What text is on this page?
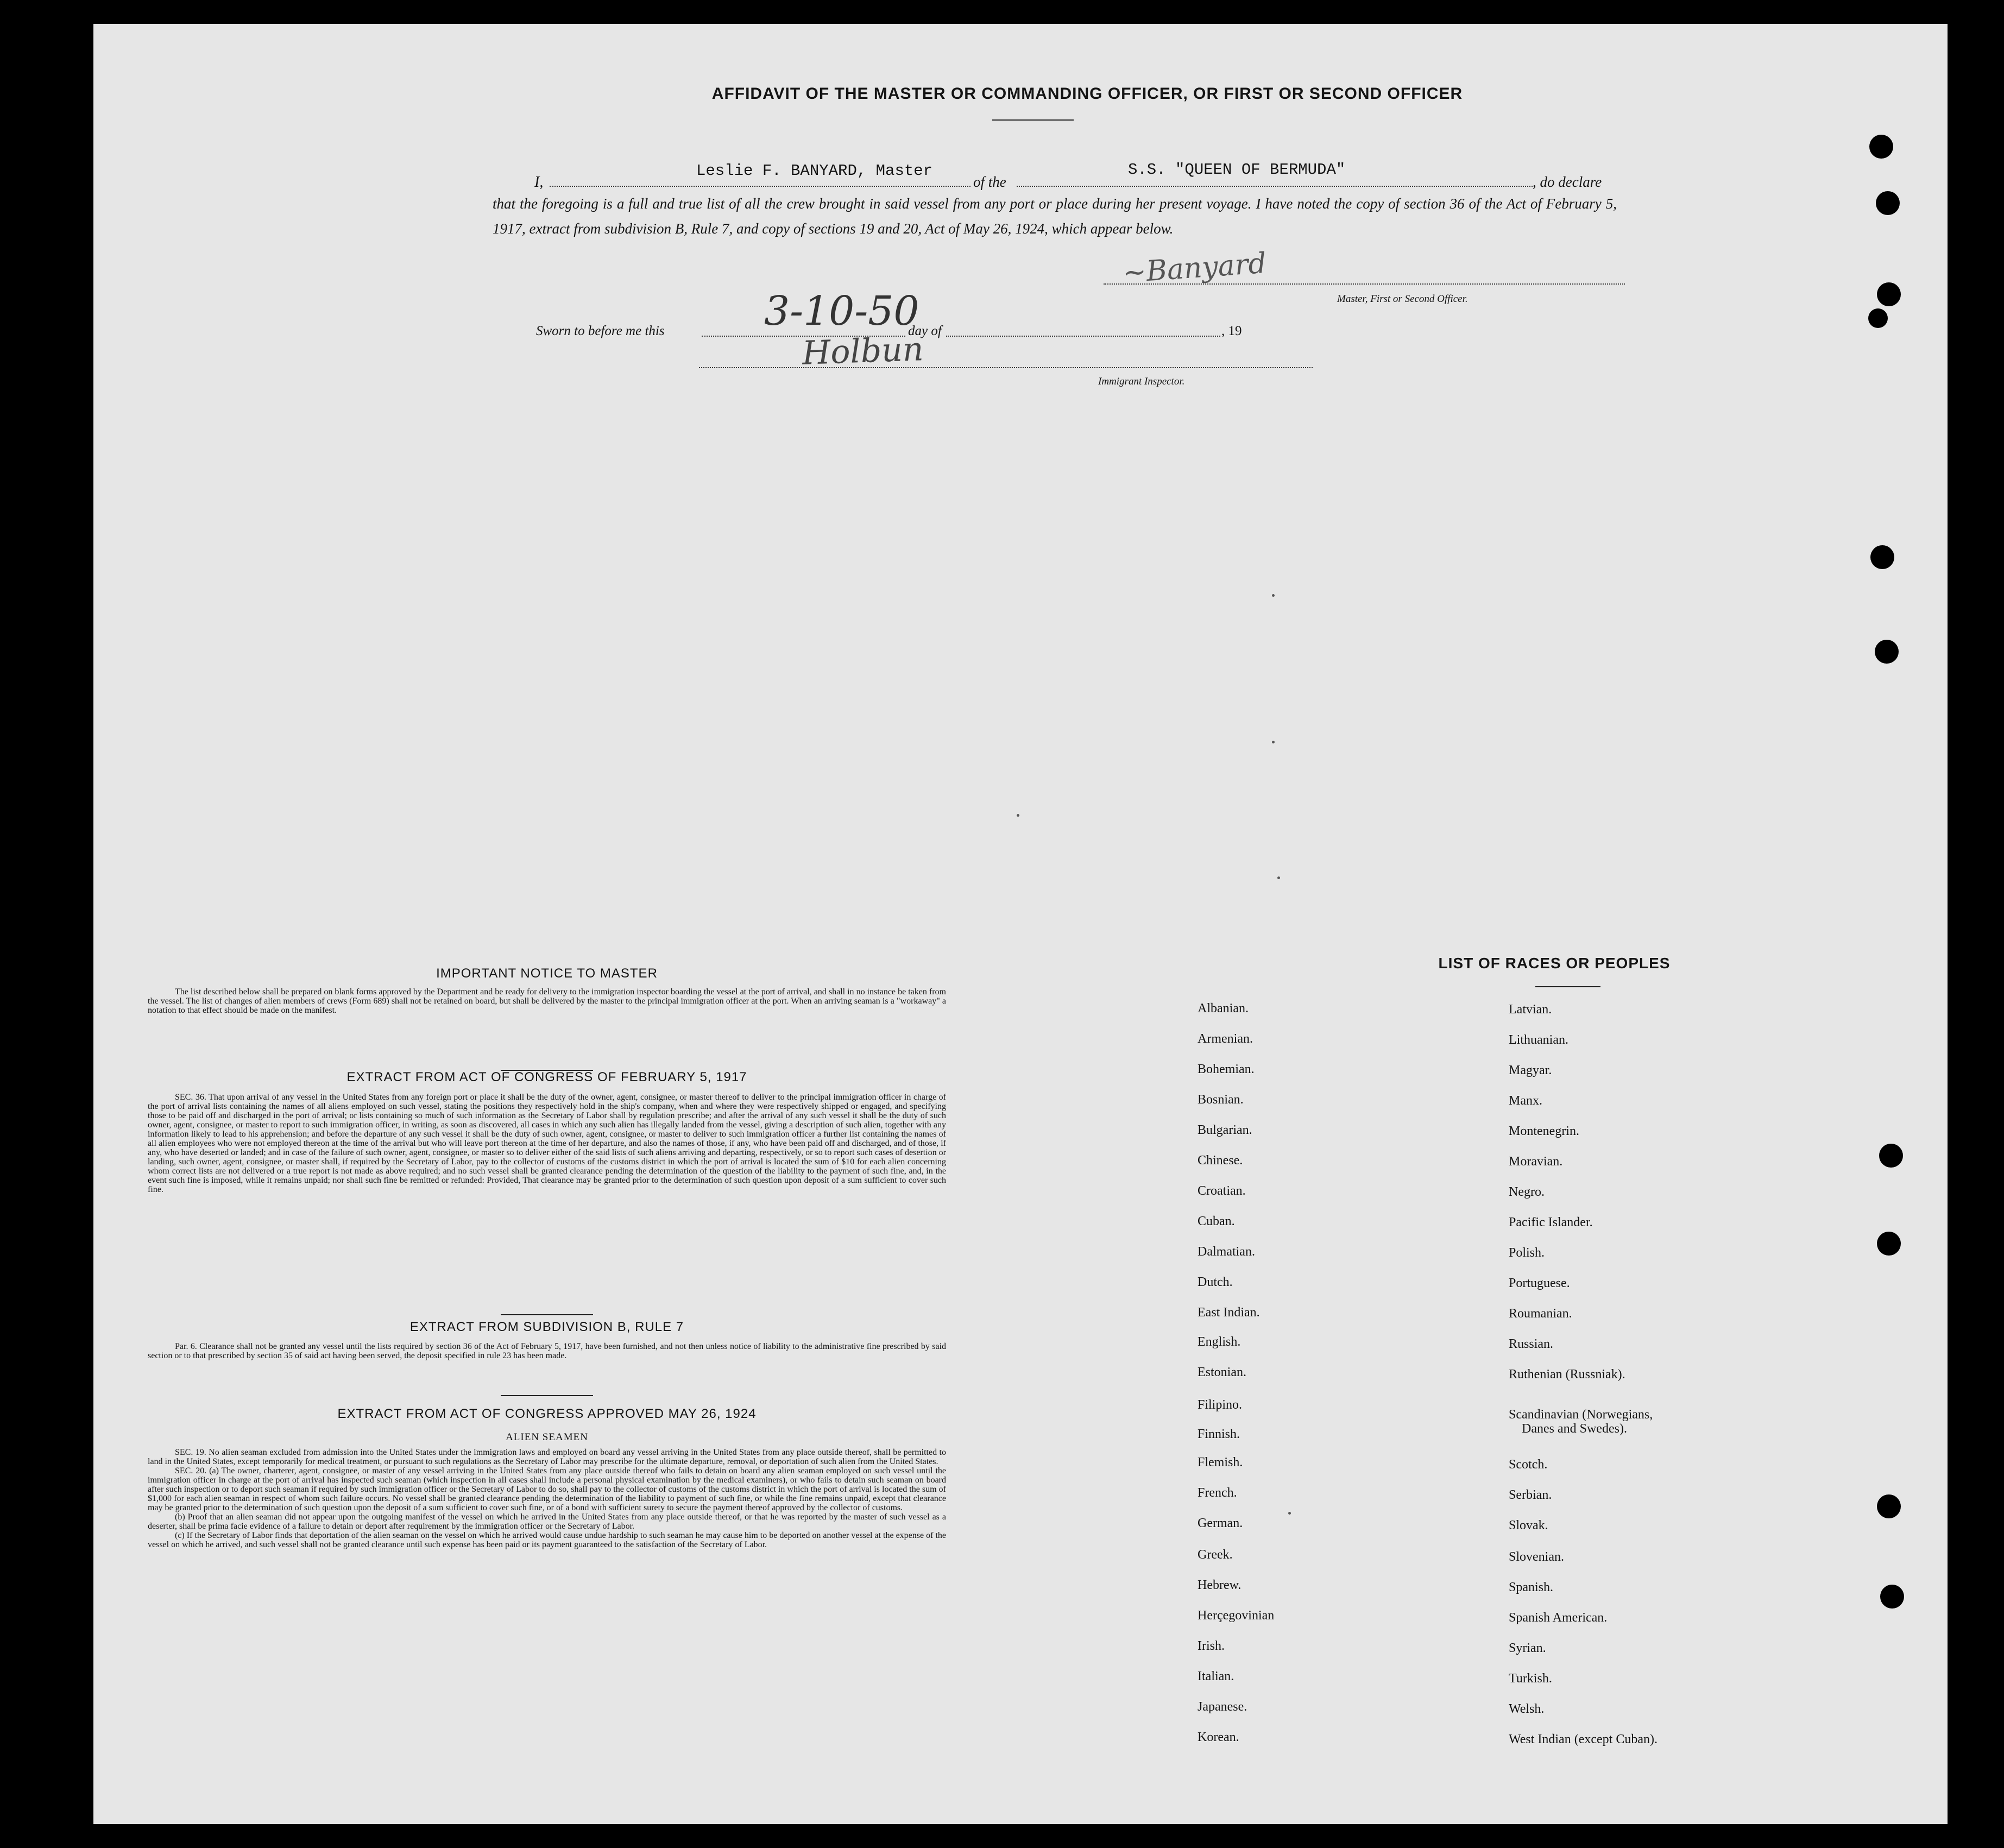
AFFIDAVIT OF THE MASTER OR COMMANDING OFFICER, OR FIRST OR SECOND OFFICER
I,
Leslie F. BANYARD, Master
of the
S.S. "QUEEN OF BERMUDA"
, do declare
that the foregoing is a full and true list of all the crew brought in said vessel from any port or place during her present voyage. I have noted the copy of section 36 of the Act of February 5, 1917, extract from subdivision B, Rule 7, and copy of sections 19 and 20, Act of May 26, 1924, which appear below.
~Banyard
Master, First or Second Officer.
Sworn to before me this 3-10-50
day of	, 19
Holbun
Immigrant Inspector.
IMPORTANT NOTICE TO MASTER

The list described below shall be prepared on blank forms approved by the Department and be ready for delivery to the immigration inspector boarding the vessel at the port of arrival, and shall in no instance be taken from the vessel. The list of changes of alien members of crews (Form 689) shall not be retained on board, but shall be delivered by the master to the principal immigration officer at the port. When an arriving seaman is a "workaway" a notation to that effect should be made on the manifest.

EXTRACT FROM ACT OF CONGRESS OF FEBRUARY 5, 1917

SEC. 36. That upon arrival of any vessel in the United States from any foreign port or place it shall be the duty of the owner, agent, consignee, or master thereof to deliver to the principal immigration officer in charge of the port of arrival lists containing the names of all aliens employed on such vessel, stating the positions they respectively hold in the ship's company, when and where they were respectively shipped or engaged, and specifying those to be paid off and discharged in the port of arrival; or lists containing so much of such information as the Secretary of Labor shall by regulation prescribe; and after the arrival of any such vessel it shall be the duty of such owner, agent, consignee, or master to report to such immigration officer, in writing, as soon as discovered, all cases in which any such alien has illegally landed from the vessel, giving a description of such alien, together with any information likely to lead to his apprehension; and before the departure of any such vessel it shall be the duty of such owner, agent, consignee, or master to deliver to such immigration officer a further list containing the names of all alien employees who were not employed thereon at the time of the arrival but who will leave port thereon at the time of her departure, and also the names of those, if any, who have been paid off and discharged, and of those, if any, who have deserted or landed; and in case of the failure of such owner, agent, consignee, or master so to deliver either of the said lists of such aliens arriving and departing, respectively, or so to report such cases of desertion or landing, such owner, agent, consignee, or master shall, if required by the Secretary of Labor, pay to the collector of customs of the customs district in which the port of arrival is located the sum of $10 for each alien concerning whom correct lists are not delivered or a true report is not made as above required; and no such vessel shall be granted clearance pending the determination of the question of the liability to the payment of such fine, and, in the event such fine is imposed, while it remains unpaid; nor shall such fine be remitted or refunded: Provided, That clearance may be granted prior to the determination of such question upon deposit of a sum sufficient to cover such fine.

EXTRACT FROM SUBDIVISION B, RULE 7

Par. 6. Clearance shall not be granted any vessel until the lists required by section 36 of the Act of February 5, 1917, have been furnished, and not then unless notice of liability to the administrative fine prescribed by said section or to that prescribed by section 35 of said act having been served, the deposit specified in rule 23 has been made.

EXTRACT FROM ACT OF CONGRESS APPROVED MAY 26, 1924
ALIEN SEAMEN

SEC. 19. No alien seaman excluded from admission into the United States under the immigration laws and employed on board any vessel arriving in the United States from any place outside thereof, shall be permitted to land in the United States, except temporarily for medical treatment, or pursuant to such regulations as the Secretary of Labor may prescribe for the ultimate departure, removal, or deportation of such alien from the United States.

SEC. 20. (a) The owner, charterer, agent, consignee, or master of any vessel arriving in the United States from any place outside thereof who fails to detain on board any alien seaman employed on such vessel until the immigration officer in charge at the port of arrival has inspected such seaman (which inspection in all cases shall include a personal physical examination by the medical examiners), or who fails to detain such seaman on board after such inspection or to deport such seaman if required by such immigration officer or the Secretary of Labor to do so, shall pay to the collector of customs of the customs district in which the port of arrival is located the sum of $1,000 for each alien seaman in respect of whom such failure occurs. No vessel shall be granted clearance pending the determination of the liability to payment of such fine, or while the fine remains unpaid, except that clearance may be granted prior to the determination of such question upon the deposit of a sum sufficient to cover such fine, or of a bond with sufficient surety to secure the payment thereof approved by the collector of customs.

(b) Proof that an alien seaman did not appear upon the outgoing manifest of the vessel on which he arrived in the United States from any place outside thereof, or that he was reported by the master of such vessel as a deserter, shall be prima facie evidence of a failure to detain or deport after requirement by the immigration officer or the Secretary of Labor.

(c) If the Secretary of Labor finds that deportation of the alien seaman on the vessel on which he arrived would cause undue hardship to such seaman he may cause him to be deported on another vessel at the expense of the vessel on which he arrived, and such vessel shall not be granted clearance until such expense has been paid or its payment guaranteed to the satisfaction of the Secretary of Labor.

LIST OF RACES OR PEOPLES
Albanian.
Armenian.
Bohemian.
Bosnian.
Bulgarian.
Chinese.
Croatian.
Cuban.
Dalmatian.
Dutch.
East Indian.
English.
Estonian.
Filipino.
Finnish.
Flemish.
French.
German.
Greek.
Hebrew.
Herçegovinian
Irish.
Italian.
Japanese.
Korean.
Latvian.
Lithuanian.
Magyar.
Manx.
Montenegrin.
Moravian.
Negro.
Pacific Islander.
Polish.
Portuguese.
Roumanian.
Russian.
Ruthenian (Russniak).
Scandinavian (Norwegians,
Danes and Swedes).
Scotch.
Serbian.
Slovak.
Slovenian.
Spanish.
Spanish American.
Syrian.
Turkish.
Welsh.
West Indian (except Cuban).
